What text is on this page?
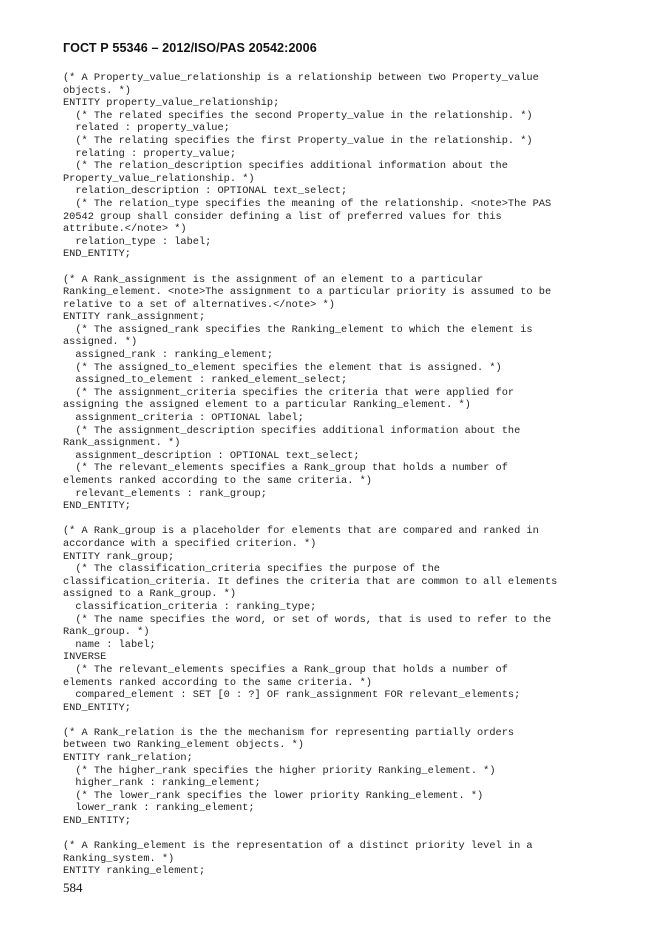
ГОСТ Р 55346 – 2012/ISO/PAS 20542:2006
(* A Property_value_relationship is a relationship between two Property_value
objects. *)
ENTITY property_value_relationship;
(* The related specifies the second Property_value in the relationship. *)
related : property_value;
(* The relating specifies the first Property_value in the relationship. *)
relating : property_value;
(* The relation_description specifies additional information about the
Property_value_relationship. *)
relation_description : OPTIONAL text_select;
(* The relation_type specifies the meaning of the relationship. <note>The PAS
20542 group shall consider defining a list of preferred values for this
attribute.</note> *)
relation_type : label;
END_ENTITY;
(* A Rank_assignment is the assignment of an element to a particular
Ranking_element. <note>The assignment to a particular priority is assumed to be
relative to a set of alternatives.</note> *)
ENTITY rank_assignment;
(* The assigned_rank specifies the Ranking_element to which the element is
assigned. *)
assigned_rank : ranking_element;
(* The assigned_to_element specifies the element that is assigned. *)
assigned_to_element : ranked_element_select;
(* The assignment_criteria specifies the criteria that were applied for
assigning the assigned element to a particular Ranking_element. *)
assignment_criteria : OPTIONAL label;
(* The assignment_description specifies additional information about the
Rank_assignment. *)
assignment_description : OPTIONAL text_select;
(* The relevant_elements specifies a Rank_group that holds a number of
elements ranked according to the same criteria. *)
relevant_elements : rank_group;
END_ENTITY;
(* A Rank_group is a placeholder for elements that are compared and ranked in
accordance with a specified criterion. *)
ENTITY rank_group;
(* The classification_criteria specifies the purpose of the
classification_criteria. It defines the criteria that are common to all elements
assigned to a Rank_group. *)
classification_criteria : ranking_type;
(* The name specifies the word, or set of words, that is used to refer to the
Rank_group. *)
name : label;
INVERSE
(* The relevant_elements specifies a Rank_group that holds a number of
elements ranked according to the same criteria. *)
compared_element : SET [0 : ?] OF rank_assignment FOR relevant_elements;
END_ENTITY;
(* A Rank_relation is the the mechanism for representing partially orders
between two Ranking_element objects. *)
ENTITY rank_relation;
(* The higher_rank specifies the higher priority Ranking_element. *)
higher_rank : ranking_element;
(* The lower_rank specifies the lower priority Ranking_element. *)
lower_rank : ranking_element;
END_ENTITY;
(* A Ranking_element is the representation of a distinct priority level in a
Ranking_system. *)
ENTITY ranking_element;
584
